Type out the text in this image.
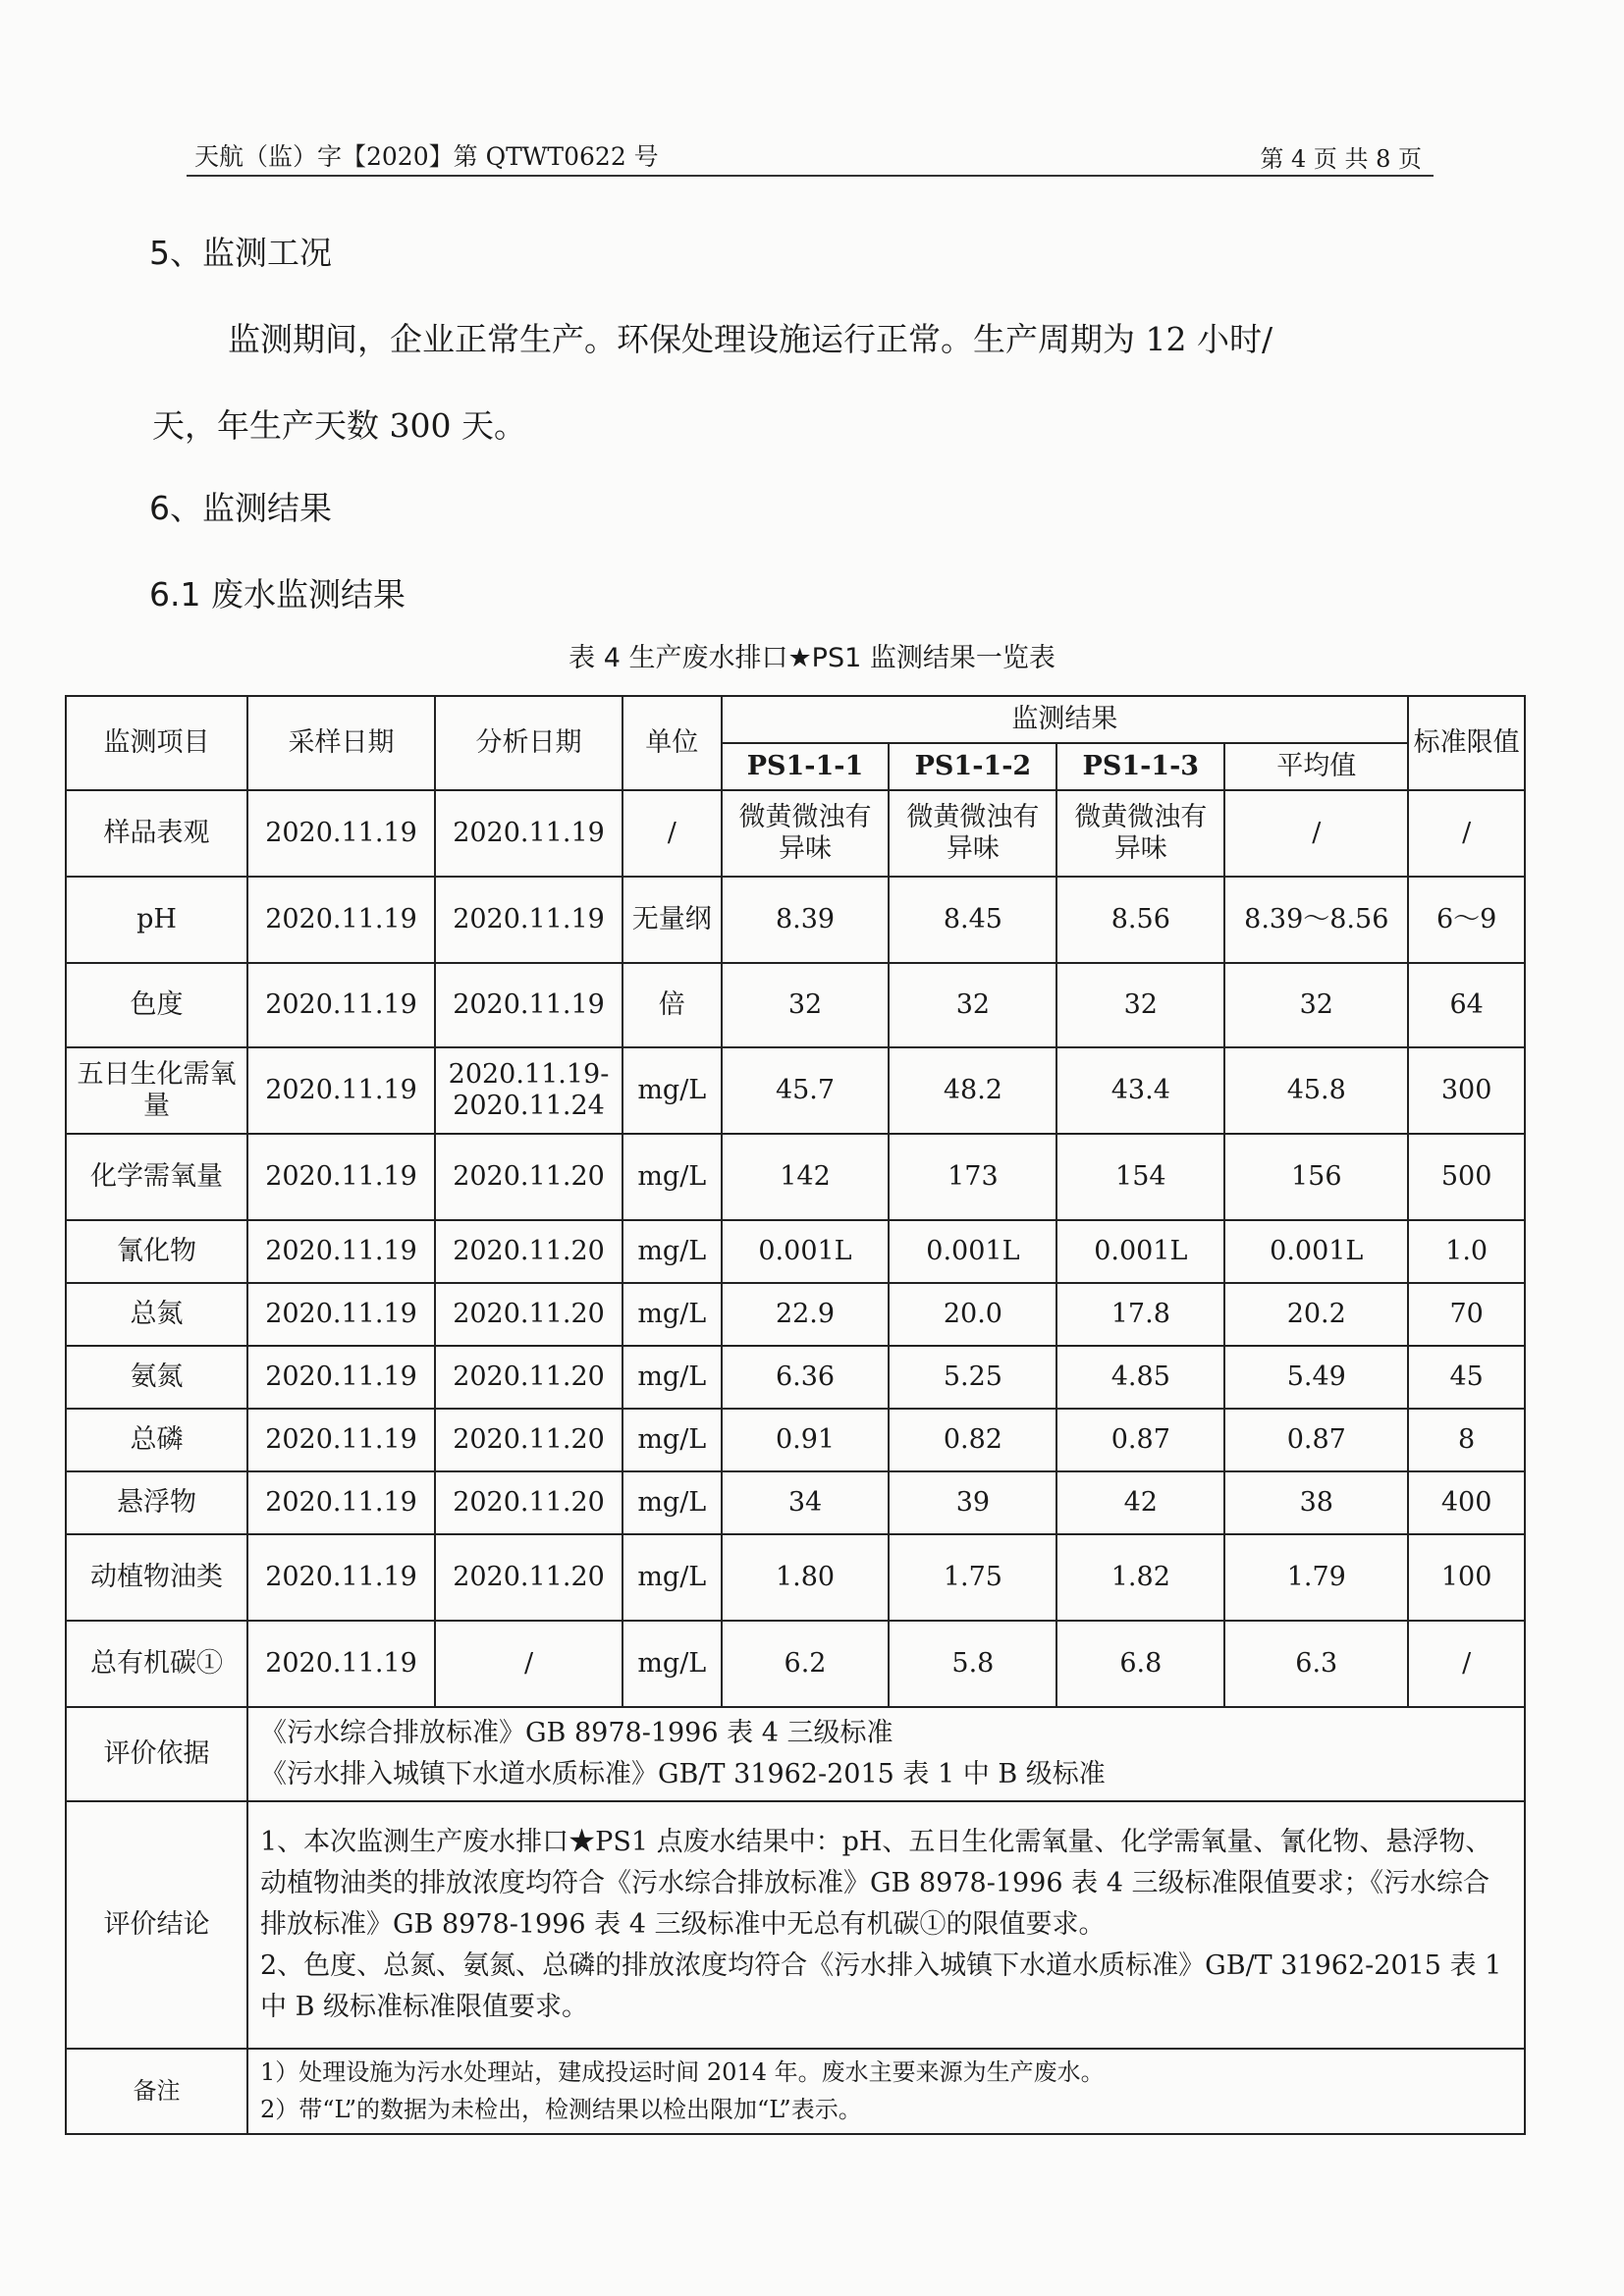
天航（监）字【2020】第 QTWT0622 号	第 4 页 共 8 页
5、监测工况
监测期间，企业正常生产。环保处理设施运行正常。生产周期为 12 小时/
天，年生产天数 300 天。
6、监测结果
6.1 废水监测结果
表 4 生产废水排口★PS1 监测结果一览表
监测项目	采样日期	分析日期	单位	监测结果				标准限值
				PS1-1-1	PS1-1-2	PS1-1-3	平均值	
样品表观	2020.11.19	2020.11.19	/	微黄微浊有异味	微黄微浊有异味	微黄微浊有异味	/	/
pH	2020.11.19	2020.11.19	无量纲	8.39	8.45	8.56	8.39～8.56	6～9
色度	2020.11.19	2020.11.19	倍	32	32	32	32	64
五日生化需氧量	2020.11.19	2020.11.19-2020.11.24	mg/L	45.7	48.2	43.4	45.8	300
化学需氧量	2020.11.19	2020.11.20	mg/L	142	173	154	156	500
氰化物	2020.11.19	2020.11.20	mg/L	0.001L	0.001L	0.001L	0.001L	1.0
总氮	2020.11.19	2020.11.20	mg/L	22.9	20.0	17.8	20.2	70
氨氮	2020.11.19	2020.11.20	mg/L	6.36	5.25	4.85	5.49	45
总磷	2020.11.19	2020.11.20	mg/L	0.91	0.82	0.87	0.87	8
悬浮物	2020.11.19	2020.11.20	mg/L	34	39	42	38	400
动植物油类	2020.11.19	2020.11.20	mg/L	1.80	1.75	1.82	1.79	100
总有机碳①	2020.11.19	/	mg/L	6.2	5.8	6.8	6.3	/
评价依据	《污水综合排放标准》GB 8978-1996 表 4 三级标准
《污水排入城镇下水道水质标准》GB/T 31962-2015 表 1 中 B 级标准							

评价结论	1、本次监测生产废水排口★PS1 点废水结果中：pH、五日生化需氧量、化学需氧量、氰化物、悬浮物、动植物油类的排放浓度均符合《污水综合排放标准》GB 8978-1996 表 4 三级标准限值要求；《污水综合排放标准》GB 8978-1996 表 4 三级标准中无总有机碳①的限值要求。
2、色度、总氮、氨氮、总磷的排放浓度均符合《污水排入城镇下水道水质标准》GB/T 31962-2015 表 1 中 B 级标准标准限值要求。							

备注	1）处理设施为污水处理站，建成投运时间 2014 年。废水主要来源为生产废水。
2）带“L”的数据为未检出，检测结果以检出限加“L”表示。							
